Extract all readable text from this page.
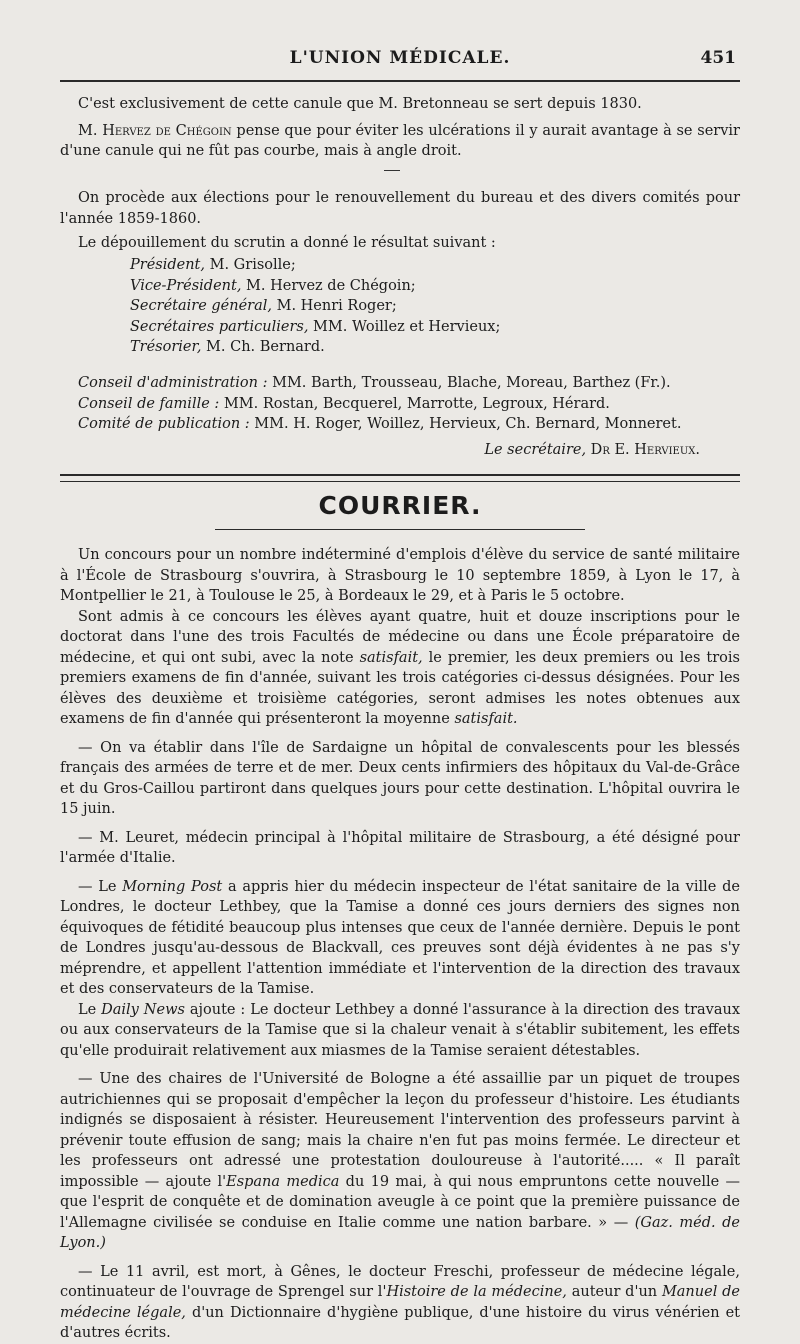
L'UNION MÉDICALE.	451

C'est exclusivement de cette canule que M. Bretonneau se sert depuis 1830.

M. Hervez de Chégoin pense que pour éviter les ulcérations il y aurait avantage à se servir d'une canule qui ne fût pas courbe, mais à angle droit.

On procède aux élections pour le renouvellement du bureau et des divers comités pour l'année 1859-1860.

Le dépouillement du scrutin a donné le résultat suivant :

Président, M. Grisolle;
Vice-Président, M. Hervez de Chégoin;
Secrétaire général, M. Henri Roger;
Secrétaires particuliers, MM. Woillez et Hervieux;
Trésorier, M. Ch. Bernard.
Conseil d'administration : MM. Barth, Trousseau, Blache, Moreau, Barthez (Fr.).
Conseil de famille : MM. Rostan, Becquerel, Marrotte, Legroux, Hérard.
Comité de publication : MM. H. Roger, Woillez, Hervieux, Ch. Bernard, Monneret.
Le secrétaire, Dr E. Hervieux.
COURRIER.

Un concours pour un nombre indéterminé d'emplois d'élève du service de santé militaire à l'École de Strasbourg s'ouvrira, à Strasbourg le 10 septembre 1859, à Lyon le 17, à Montpellier le 21, à Toulouse le 25, à Bordeaux le 29, et à Paris le 5 octobre.

Sont admis à ce concours les élèves ayant quatre, huit et douze inscriptions pour le doctorat dans l'une des trois Facultés de médecine ou dans une École préparatoire de médecine, et qui ont subi, avec la note satisfait, le premier, les deux premiers ou les trois premiers examens de fin d'année, suivant les trois catégories ci-dessus désignées. Pour les élèves des deuxième et troisième catégories, seront admises les notes obtenues aux examens de fin d'année qui présenteront la moyenne satisfait.

— On va établir dans l'île de Sardaigne un hôpital de convalescents pour les blessés français des armées de terre et de mer. Deux cents infirmiers des hôpitaux du Val-de-Grâce et du Gros-Caillou partiront dans quelques jours pour cette destination. L'hôpital ouvrira le 15 juin.

— M. Leuret, médecin principal à l'hôpital militaire de Strasbourg, a été désigné pour l'armée d'Italie.

— Le Morning Post a appris hier du médecin inspecteur de l'état sanitaire de la ville de Londres, le docteur Lethbey, que la Tamise a donné ces jours derniers des signes non équivoques de fétidité beaucoup plus intenses que ceux de l'année dernière. Depuis le pont de Londres jusqu'au-dessous de Blackvall, ces preuves sont déjà évidentes à ne pas s'y méprendre, et appellent l'attention immédiate et l'intervention de la direction des travaux et des conservateurs de la Tamise.

Le Daily News ajoute : Le docteur Lethbey a donné l'assurance à la direction des travaux ou aux conservateurs de la Tamise que si la chaleur venait à s'établir subitement, les effets qu'elle produirait relativement aux miasmes de la Tamise seraient détestables.

— Une des chaires de l'Université de Bologne a été assaillie par un piquet de troupes autrichiennes qui se proposait d'empêcher la leçon du professeur d'histoire. Les étudiants indignés se disposaient à résister. Heureusement l'intervention des professeurs parvint à prévenir toute effusion de sang; mais la chaire n'en fut pas moins fermée. Le directeur et les professeurs ont adressé une protestation douloureuse à l'autorité..... « Il paraît impossible — ajoute l'Espana medica du 19 mai, à qui nous empruntons cette nouvelle — que l'esprit de conquête et de domination aveugle à ce point que la première puissance de l'Allemagne civilisée se conduise en Italie comme une nation barbare. » — (Gaz. méd. de Lyon.)

— Le 11 avril, est mort, à Gênes, le docteur Freschi, professeur de médecine légale, continuateur de l'ouvrage de Sprengel sur l'Histoire de la médecine, auteur d'un Manuel de médecine légale, d'un Dictionnaire d'hygiène publique, d'une histoire du virus vénérien et d'autres écrits.
